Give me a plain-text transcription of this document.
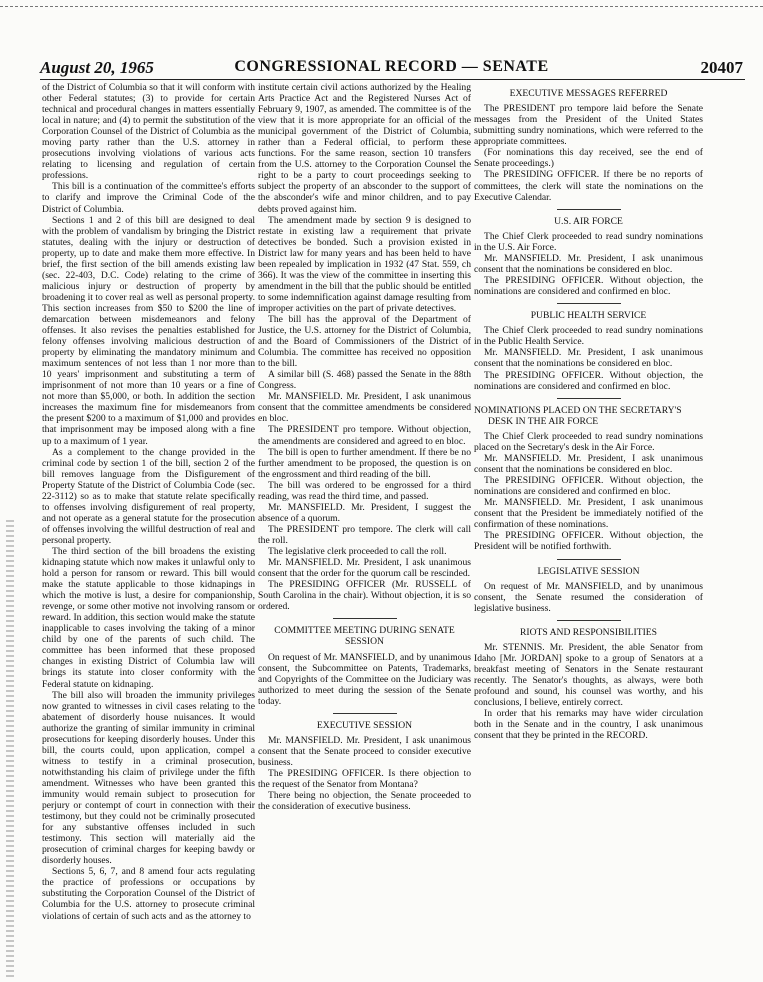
CONGRESSIONAL RECORD — SENATE
August 20, 1965	20407
of the District of Columbia so that it will conform with other Federal statutes; (3) to provide for certain technical and procedural changes in matters essentially local in nature; and (4) to permit the substitution of the Corporation Counsel of the District of Columbia as the moving party rather than the U.S. attorney in prosecutions involving violations of various acts relating to licensing and regulation of certain professions.
This bill is a continuation of the committee's efforts to clarify and improve the Criminal Code of the District of Columbia.
Sections 1 and 2 of this bill are designed to deal with the problem of vandalism by bringing the District statutes, dealing with the injury or destruction of property, up to date and make them more effective. In brief, the first section of the bill amends existing law (sec. 22-403, D.C. Code) relating to the crime of malicious injury or destruction of property by broadening it to cover real as well as personal property. This section increases from $50 to $200 the line of demarcation between misdemeanors and felony offenses. It also revises the penalties established for felony offenses involving malicious destruction of property by eliminating the mandatory minimum and maximum sentences of not less than 1 nor more than 10 years' imprisonment and substituting a term of imprisonment of not more than 10 years or a fine of not more than $5,000, or both. In addition the section increases the maximum fine for misdemeanors from the present $200 to a maximum of $1,000 and provides that imprisonment may be imposed along with a fine up to a maximum of 1 year.
As a complement to the change provided in the criminal code by section 1 of the bill, section 2 of the bill removes language from the Disfigurement of Property Statute of the District of Columbia Code (sec. 22-3112) so as to make that statute relate specifically to offenses involving disfigurement of real property, and not operate as a general statute for the prosecution of offenses involving the willful destruction of real and personal property.
The third section of the bill broadens the existing kidnaping statute which now makes it unlawful only to hold a person for ransom or reward. This bill would make the statute applicable to those kidnapings in which the motive is lust, a desire for companionship, revenge, or some other motive not involving ransom or reward. In addition, this section would make the statute inapplicable to cases involving the taking of a minor child by one of the parents of such child. The committee has been informed that these proposed changes in existing District of Columbia law will brings its statute into closer conformity with the Federal statute on kidnaping.
The bill also will broaden the immunity privileges now granted to witnesses in civil cases relating to the abatement of disorderly house nuisances. It would authorize the granting of similar immunity in criminal prosecutions for keeping disorderly houses. Under this bill, the courts could, upon application, compel a witness to testify in a criminal prosecution, notwithstanding his claim of privilege under the fifth amendment. Witnesses who have been granted this immunity would remain subject to prosecution for perjury or contempt of court in connection with their testimony, but they could not be criminally prosecuted for any substantive offenses included in such testimony. This section will materially aid the prosecution of criminal charges for keeping bawdy or disorderly houses.
Sections 5, 6, 7, and 8 amend four acts regulating the practice of professions or occupations by substituting the Corporation Counsel of the District of Columbia for the U.S. attorney to prosecute criminal violations of certain of such acts and as the attorney to
institute certain civil actions authorized by the Healing Arts Practice Act and the Registered Nurses Act of February 9, 1907, as amended. The committee is of the view that it is more appropriate for an official of the municipal government of the District of Columbia, rather than a Federal official, to perform these functions. For the same reason, section 10 transfers from the U.S. attorney to the Corporation Counsel the right to be a party to court proceedings seeking to subject the property of an absconder to the support of the absconder's wife and minor children, and to pay debts proved against him.
The amendment made by section 9 is designed to restate in existing law a requirement that private detectives be bonded. Such a provision existed in District law for many years and has been held to have been repealed by implication in 1932 (47 Stat. 559, ch 366). It was the view of the committee in inserting this amendment in the bill that the public should be entitled to some indemnification against damage resulting from improper activities on the part of private detectives.
The bill has the approval of the Department of Justice, the U.S. attorney for the District of Columbia, and the Board of Commissioners of the District of Columbia. The committee has received no opposition to the bill.
A similar bill (S. 468) passed the Senate in the 88th Congress.
Mr. MANSFIELD. Mr. President, I ask unanimous consent that the committee amendments be considered en bloc.
The PRESIDENT pro tempore. Without objection, the amendments are considered and agreed to en bloc.
The bill is open to further amendment. If there be no further amendment to be proposed, the question is on the engrossment and third reading of the bill.
The bill was ordered to be engrossed for a third reading, was read the third time, and passed.
Mr. MANSFIELD. Mr. President, I suggest the absence of a quorum.
The PRESIDENT pro tempore. The clerk will call the roll.
The legislative clerk proceeded to call the roll.
Mr. MANSFIELD. Mr. President, I ask unanimous consent that the order for the quorum call be rescinded.
The PRESIDING OFFICER (Mr. RUSSELL of South Carolina in the chair). Without objection, it is so ordered.
COMMITTEE MEETING DURING SENATE SESSION
On request of Mr. MANSFIELD, and by unanimous consent, the Subcommittee on Patents, Trademarks, and Copyrights of the Committee on the Judiciary was authorized to meet during the session of the Senate today.
EXECUTIVE SESSION
Mr. MANSFIELD. Mr. President, I ask unanimous consent that the Senate proceed to consider executive business.
The PRESIDING OFFICER. Is there objection to the request of the Senator from Montana?
There being no objection, the Senate proceeded to the consideration of executive business.
EXECUTIVE MESSAGES REFERRED
The PRESIDENT pro tempore laid before the Senate messages from the President of the United States submitting sundry nominations, which were referred to the appropriate committees.
(For nominations this day received, see the end of Senate proceedings.)
The PRESIDING OFFICER. If there be no reports of committees, the clerk will state the nominations on the Executive Calendar.
U.S. AIR FORCE
The Chief Clerk proceeded to read sundry nominations in the U.S. Air Force.
Mr. MANSFIELD. Mr. President, I ask unanimous consent that the nominations be considered en bloc.
The PRESIDING OFFICER. Without objection, the nominations are considered and confirmed en bloc.
PUBLIC HEALTH SERVICE
The Chief Clerk proceeded to read sundry nominations in the Public Health Service.
Mr. MANSFIELD. Mr. President, I ask unanimous consent that the nominations be considered en bloc.
The PRESIDING OFFICER. Without objection, the nominations are considered and confirmed en bloc.
NOMINATIONS PLACED ON THE SECRETARY'S DESK IN THE AIR FORCE
The Chief Clerk proceeded to read sundry nominations placed on the Secretary's desk in the Air Force.
Mr. MANSFIELD. Mr. President, I ask unanimous consent that the nominations be considered en bloc.
The PRESIDING OFFICER. Without objection, the nominations are considered and confirmed en bloc.
Mr. MANSFIELD. Mr. President, I ask unanimous consent that the President be immediately notified of the confirmation of these nominations.
The PRESIDING OFFICER. Without objection, the President will be notified forthwith.
LEGISLATIVE SESSION
On request of Mr. MANSFIELD, and by unanimous consent, the Senate resumed the consideration of legislative business.
RIOTS AND RESPONSIBILITIES
Mr. STENNIS. Mr. President, the able Senator from Idaho [Mr. JORDAN] spoke to a group of Senators at a breakfast meeting of Senators in the Senate restaurant recently. The Senator's thoughts, as always, were both profound and sound, his counsel was worthy, and his conclusions, I believe, entirely correct.
In order that his remarks may have wider circulation both in the Senate and in the country, I ask unanimous consent that they be printed in the RECORD.
